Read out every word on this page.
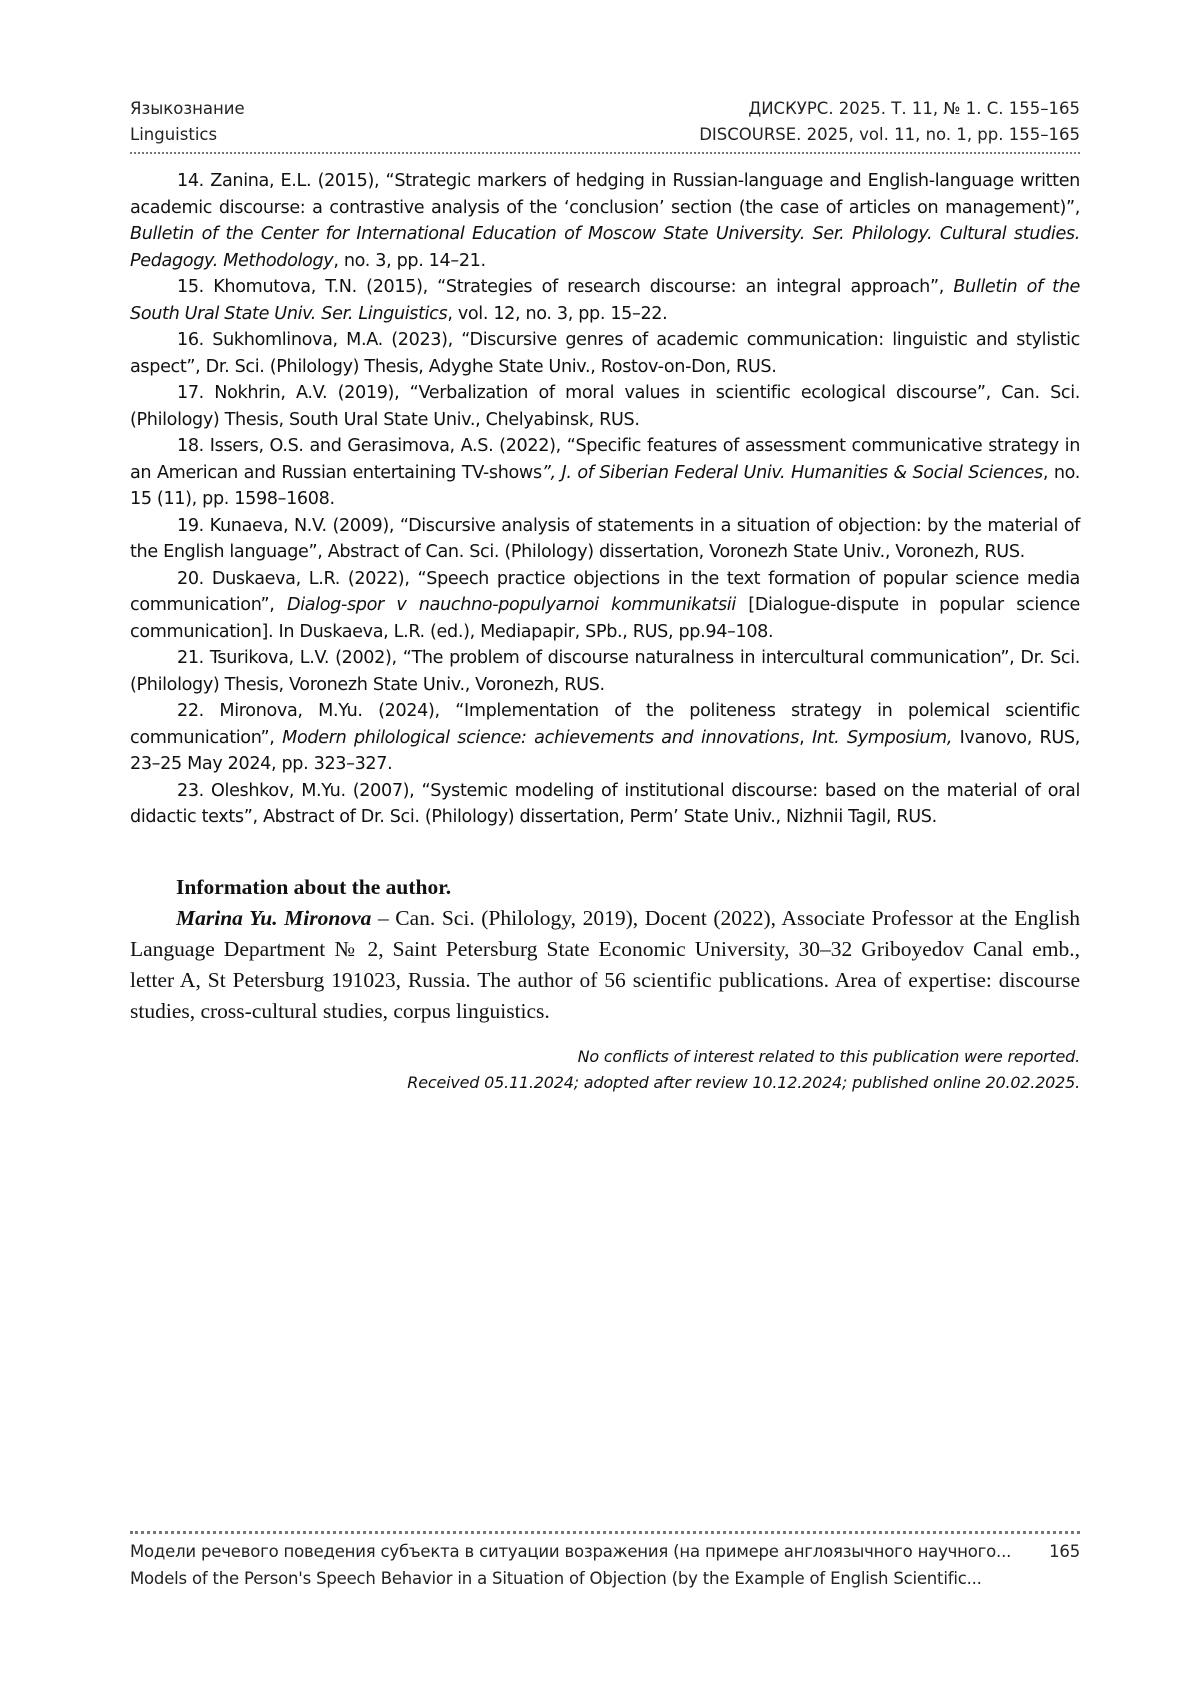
Языкознание	ДИСКУРС. 2025. Т. 11, № 1. С. 155–165
Linguistics	DISCOURSE. 2025, vol. 11, no. 1, pp. 155–165

14. Zanina, E.L. (2015), “Strategic markers of hedging in Russian-language and English-language written academic discourse: a contrastive analysis of the ‘conclusion’ section (the case of articles on management)”, Bulletin of the Center for International Education of Moscow State University. Ser. Philology. Cultural studies. Pedagogy. Methodology, no. 3, pp. 14–21.

15. Khomutova, T.N. (2015), “Strategies of research discourse: an integral approach”, Bulletin of the South Ural State Univ. Ser. Linguistics, vol. 12, no. 3, pp. 15–22.

16. Sukhomlinova, M.A. (2023), “Discursive genres of academic communication: linguistic and stylistic aspect”, Dr. Sci. (Philology) Thesis, Adyghe State Univ., Rostov-on-Don, RUS.

17. Nokhrin, A.V. (2019), “Verbalization of moral values in scientific ecological discourse”, Can. Sci. (Philology) Thesis, South Ural State Univ., Chelyabinsk, RUS.

18. Issers, O.S. and Gerasimova, A.S. (2022), “Specific features of assessment communicative strategy in an American and Russian entertaining TV-shows”, J. of Siberian Federal Univ. Humanities & Social Sciences, no. 15 (11), pp. 1598–1608.

19. Kunaeva, N.V. (2009), “Discursive analysis of statements in a situation of objection: by the material of the English language”, Abstract of Can. Sci. (Philology) dissertation, Voronezh State Univ., Voronezh, RUS.

20. Duskaeva, L.R. (2022), “Speech practice objections in the text formation of popular science media communication”, Dialog-spor v nauchno-populyarnoi kommunikatsii [Dialogue-dispute in popular science communication]. In Duskaeva, L.R. (ed.), Mediapapir, SPb., RUS, pp.94–108.

21. Tsurikova, L.V. (2002), “The problem of discourse naturalness in intercultural communication”, Dr. Sci. (Philology) Thesis, Voronezh State Univ., Voronezh, RUS.

22. Mironova, M.Yu. (2024), “Implementation of the politeness strategy in polemical scientific communication”, Modern philological science: achievements and innovations, Int. Symposium, Ivanovo, RUS, 23–25 May 2024, pp. 323–327.

23. Oleshkov, M.Yu. (2007), “Systemic modeling of institutional discourse: based on the material of oral didactic texts”, Abstract of Dr. Sci. (Philology) dissertation, Perm’ State Univ., Nizhnii Tagil, RUS.

Information about the author.

Marina Yu. Mironova – Can. Sci. (Philology, 2019), Docent (2022), Associate Professor at the English Language Department № 2, Saint Petersburg State Economic University, 30–32 Griboyedov Canal emb., letter A, St Petersburg 191023, Russia. The author of 56 scientific publications. Area of expertise: discourse studies, cross-cultural studies, corpus linguistics.

No conflicts of interest related to this publication were reported.

Received 05.11.2024; adopted after review 10.12.2024; published online 20.02.2025.

Модели речевого поведения субъекта в ситуации возражения (на примере англоязычного научного... 165
Models of the Person's Speech Behavior in a Situation of Objection (by the Example of English Scientific...
